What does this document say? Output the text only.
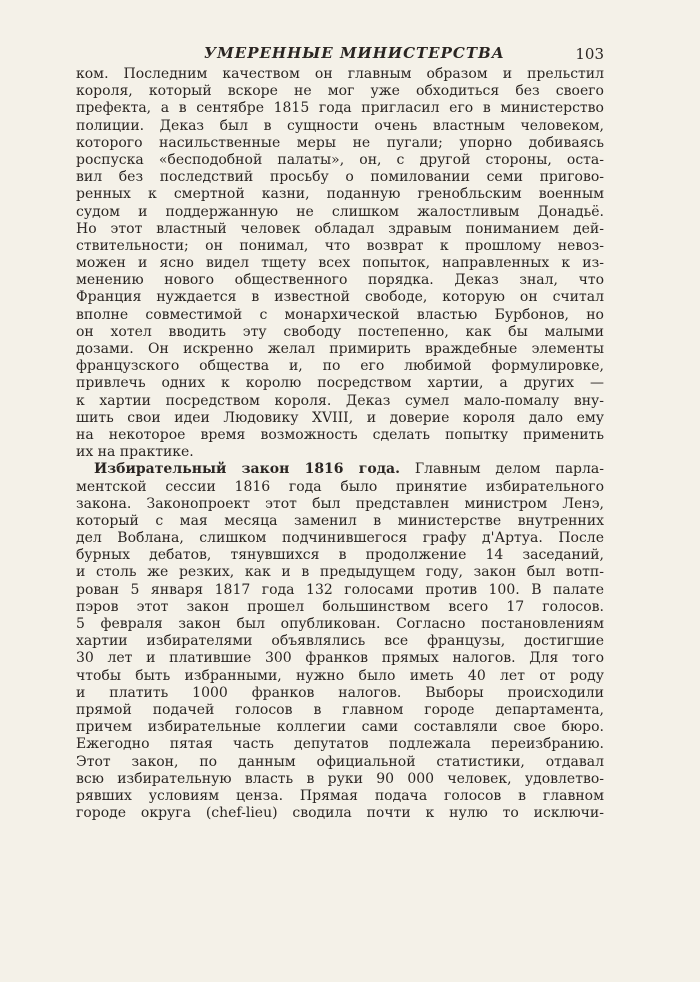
УМЕРЕННЫЕ МИНИСТЕРСТВА	103
ком. Последним качеством он главным образом и прельстил
короля, который вскоре не мог уже обходиться без своего
префекта, а в сентябре 1815 года пригласил его в министерство
полиции. Деказ был в сущности очень властным человеком,
которого насильственные меры не пугали; упорно добиваясь
роспуска «бесподобной палаты», он, с другой стороны, оста-
вил без последствий просьбу о помиловании семи пригово-
ренных к смертной казни, поданную гренобльским военным
судом и поддержанную не слишком жалостливым Донадьё.
Но этот властный человек обладал здравым пониманием дей-
ствительности; он понимал, что возврат к прошлому невоз-
можен и ясно видел тщету всех попыток, направленных к из-
менению нового общественного порядка. Деказ знал, что
Франция нуждается в известной свободе, которую он считал
вполне совместимой с монархической властью Бурбонов, но
он хотел вводить эту свободу постепенно, как бы малыми
дозами. Он искренно желал примирить враждебные элементы
французского общества и, по его любимой формулировке,
привлечь одних к королю посредством хартии, а других —
к хартии посредством короля. Деказ сумел мало-помалу вну-
шить свои идеи Людовику XVIII, и доверие короля дало ему
на некоторое время возможность сделать попытку применить
их на практике.
Избирательный закон 1816 года. Главным делом парла-
ментской сессии 1816 года было принятие избирательного
закона. Законопроект этот был представлен министром Ленэ,
который с мая месяца заменил в министерстве внутренних
дел Воблана, слишком подчинившегося графу д'Артуа. После
бурных дебатов, тянувшихся в продолжение 14 заседаний,
и столь же резких, как и в предыдущем году, закон был вотп-
рован 5 января 1817 года 132 голосами против 100. В палате
пэров этот закон прошел большинством всего 17 голосов.
5 февраля закон был опубликован. Согласно постановлениям
хартии избирателями объявлялись все французы, достигшие
30 лет и платившие 300 франков прямых налогов. Для того
чтобы быть избранными, нужно было иметь 40 лет от роду
и платить 1000 франков налогов. Выборы происходили
прямой подачей голосов в главном городе департамента,
причем избирательные коллегии сами составляли свое бюро.
Ежегодно пятая часть депутатов подлежала переизбранию.
Этот закон, по данным официальной статистики, отдавал
всю избирательную власть в руки 90 000 человек, удовлетво-
рявших условиям ценза. Прямая подача голосов в главном
городе округа (chef-lieu) сводила почти к нулю то исключи-
